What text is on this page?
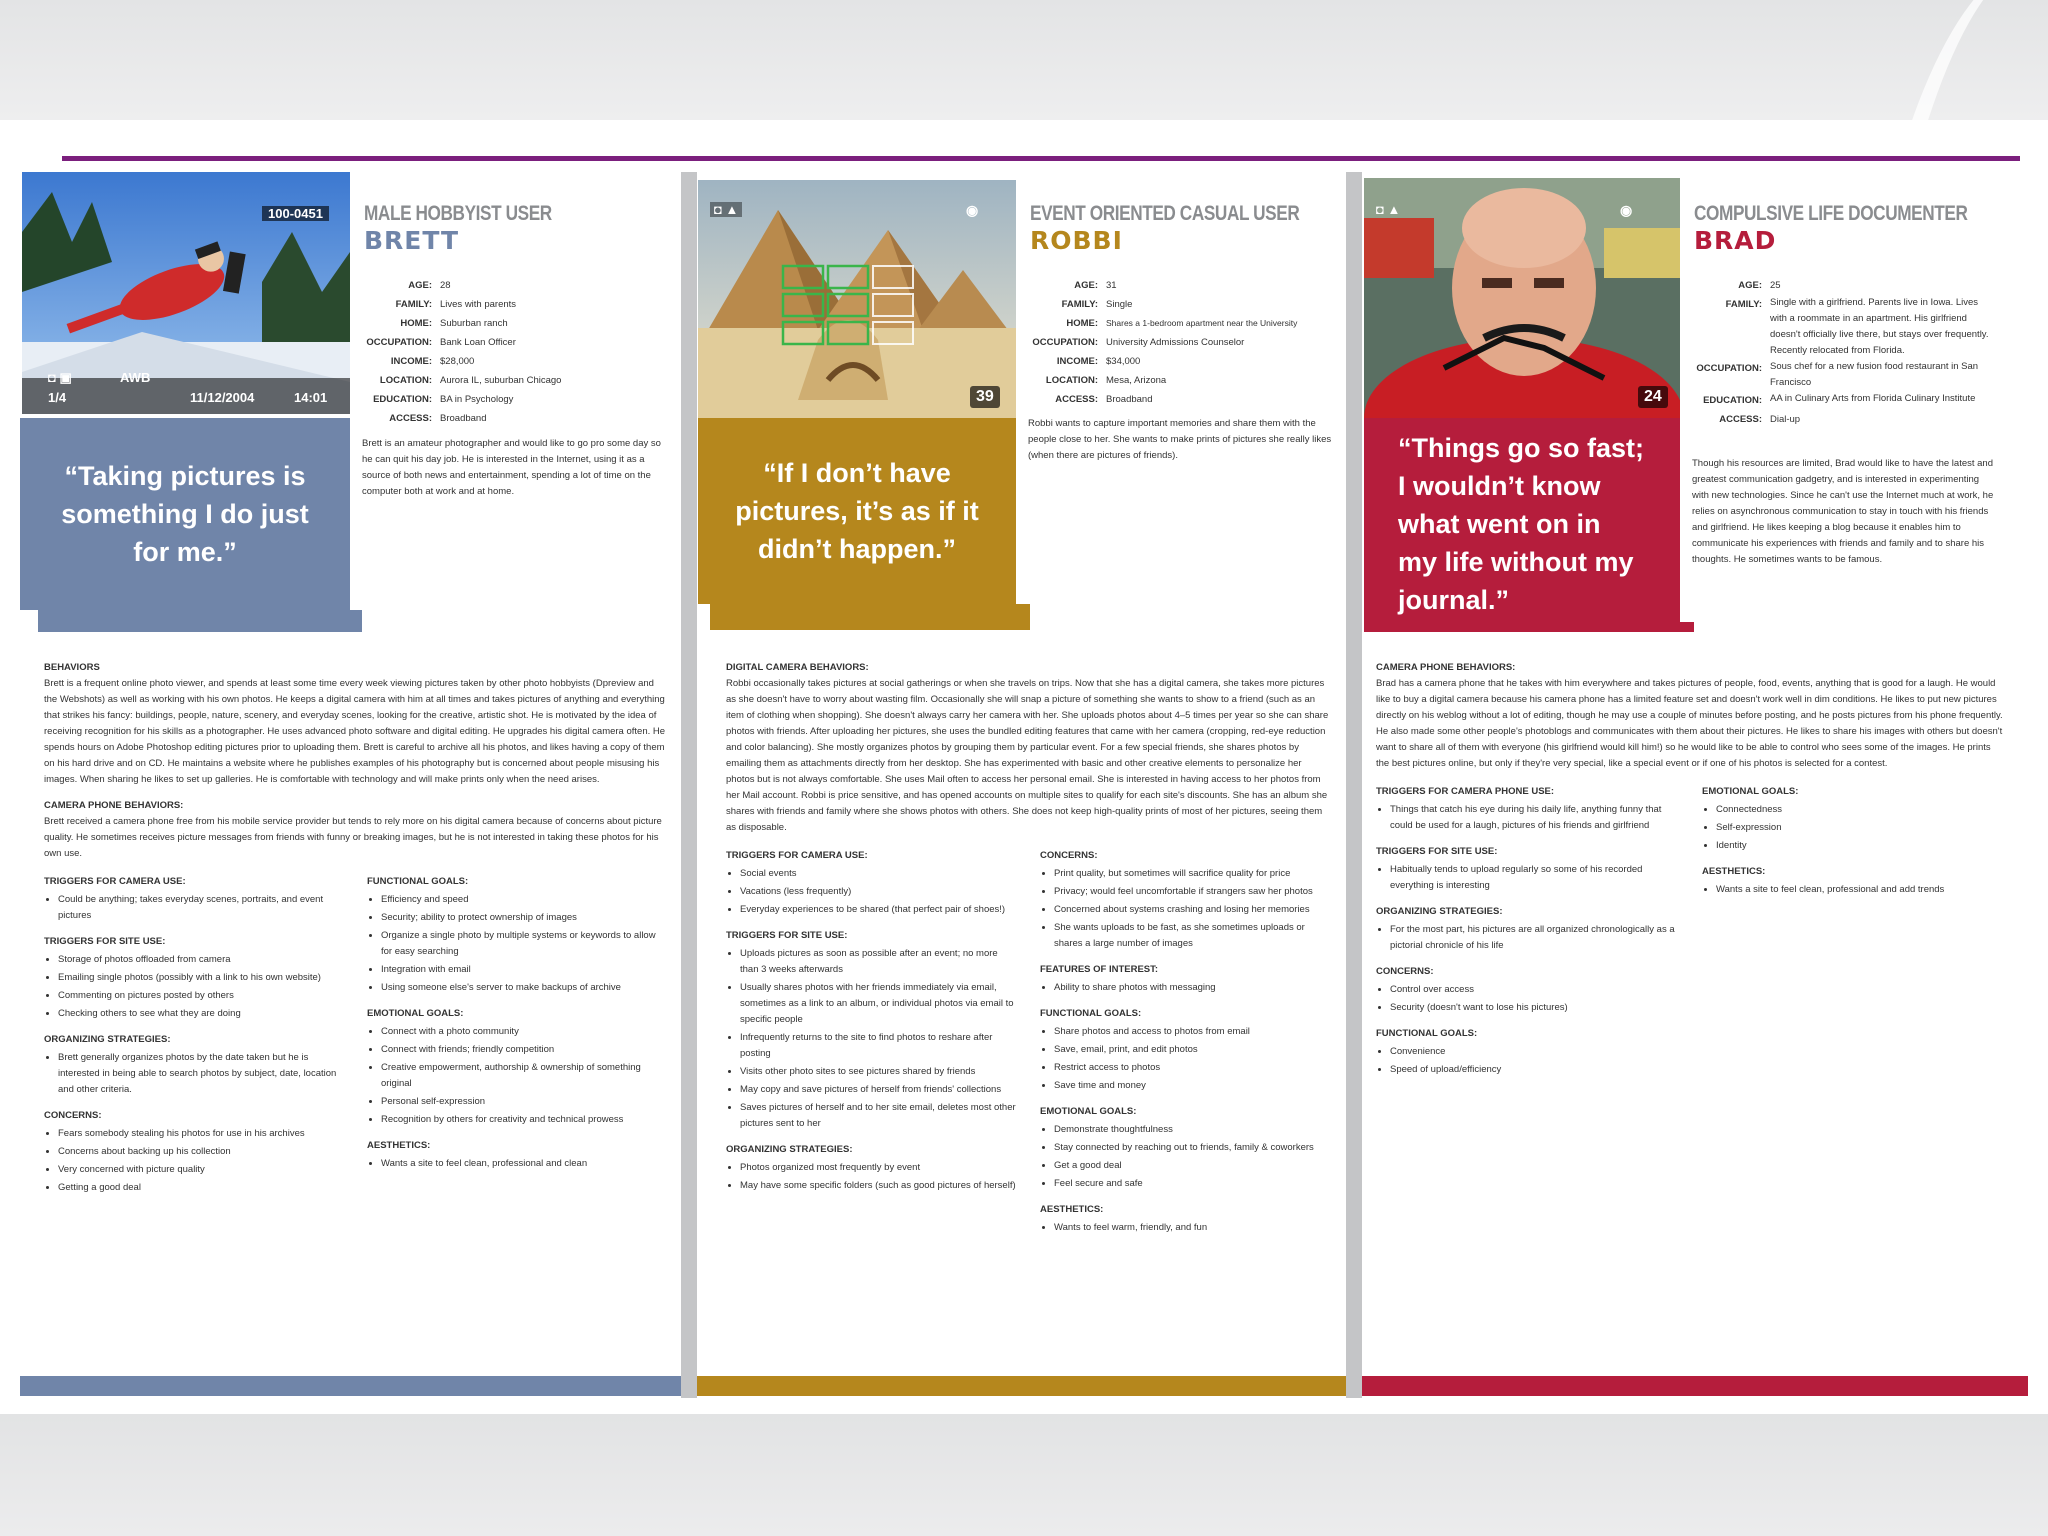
100-0451
◘ ▣	AWB
1/4	11/12/2004	14:01
“Taking pictures is something I do just for me.”
MALE HOBBYIST USER
BRETT
AGE: 28
FAMILY: Lives with parents
HOME: Suburban ranch
OCCUPATION: Bank Loan Officer
INCOME: $28,000
LOCATION: Aurora IL, suburban Chicago
EDUCATION: BA in Psychology
ACCESS: Broadband
Brett is an amateur photographer and would like to go pro some day so he can quit his day job. He is interested in the Internet, using it as a source of both news and entertainment, spending a lot of time on the computer both at work and at home.
BEHAVIORS
Brett is a frequent online photo viewer, and spends at least some time every week viewing pictures taken by other photo hobbyists (Dpreview and the Webshots) as well as working with his own photos. He keeps a digital camera with him at all times and takes pictures of anything and everything that strikes his fancy: buildings, people, nature, scenery, and everyday scenes, looking for the creative, artistic shot. He is motivated by the idea of receiving recognition for his skills as a photographer. He uses advanced photo software and digital editing. He upgrades his digital camera often. He spends hours on Adobe Photoshop editing pictures prior to uploading them. Brett is careful to archive all his photos, and likes having a copy of them on his hard drive and on CD. He maintains a website where he publishes examples of his photography but is concerned about people misusing his images. When sharing he likes to set up galleries. He is comfortable with technology and will make prints only when the need arises.
CAMERA PHONE BEHAVIORS:
Brett received a camera phone free from his mobile service provider but tends to rely more on his digital camera because of concerns about picture quality. He sometimes receives picture messages from friends with funny or breaking images, but he is not interested in taking these photos for his own use.
TRIGGERS FOR CAMERA USE:
• Could be anything; takes everyday scenes, portraits, and event pictures
TRIGGERS FOR SITE USE:
• Storage of photos offloaded from camera
• Emailing single photos (possibly with a link to his own website)
• Commenting on pictures posted by others
• Checking others to see what they are doing
ORGANIZING STRATEGIES:
• Brett generally organizes photos by the date taken but he is interested in being able to search photos by subject, date, location and other criteria.
CONCERNS:
• Fears somebody stealing his photos for use in his archives
• Concerns about backing up his collection
• Very concerned with picture quality
• Getting a good deal
FUNCTIONAL GOALS:
• Efficiency and speed
• Security; ability to protect ownership of images
• Organize a single photo by multiple systems or keywords to allow for easy searching
• Integration with email
• Using someone else's server to make backups of archive
EMOTIONAL GOALS:
• Connect with a photo community
• Connect with friends; friendly competition
• Creative empowerment, authorship & ownership of something original
• Personal self-expression
• Recognition by others for creativity and technical prowess
AESTHETICS:
• Wants a site to feel clean, professional and clean
◘ ▲	◉
39
“If I don’t have pictures, it’s as if it didn’t happen.”
EVENT ORIENTED CASUAL USER
ROBBI
AGE: 31
FAMILY: Single
HOME: Shares a 1-bedroom apartment near the University
OCCUPATION: University Admissions Counselor
INCOME: $34,000
LOCATION: Mesa, Arizona
ACCESS: Broadband
Robbi wants to capture important memories and share them with the people close to her. She wants to make prints of pictures she really likes (when there are pictures of friends).
DIGITAL CAMERA BEHAVIORS:
Robbi occasionally takes pictures at social gatherings or when she travels on trips. Now that she has a digital camera, she takes more pictures as she doesn't have to worry about wasting film. Occasionally she will snap a picture of something she wants to show to a friend (such as an item of clothing when shopping). She doesn't always carry her camera with her. She uploads photos about 4–5 times per year so she can share photos with friends. After uploading her pictures, she uses the bundled editing features that came with her camera (cropping, red-eye reduction and color balancing). She mostly organizes photos by grouping them by particular event. For a few special friends, she shares photos by emailing them as attachments directly from her desktop. She has experimented with basic and other creative elements to personalize her photos but is not always comfortable. She uses Mail often to access her personal email. She is interested in having access to her photos from her Mail account. Robbi is price sensitive, and has opened accounts on multiple sites to qualify for each site's discounts. She has an album she shares with friends and family where she shows photos with others. She does not keep high-quality prints of most of her pictures, seeing them as disposable.
TRIGGERS FOR CAMERA USE:
• Social events
• Vacations (less frequently)
• Everyday experiences to be shared (that perfect pair of shoes!)
TRIGGERS FOR SITE USE:
• Uploads pictures as soon as possible after an event; no more than 3 weeks afterwards
• Usually shares photos with her friends immediately via email, sometimes as a link to an album, or individual photos via email to specific people
• Infrequently returns to the site to find photos to reshare after posting
• Visits other photo sites to see pictures shared by friends
• May copy and save pictures of herself from friends' collections
• Saves pictures of herself and to her site email, deletes most other pictures sent to her
ORGANIZING STRATEGIES:
• Photos organized most frequently by event
• May have some specific folders (such as good pictures of herself)
CONCERNS:
• Print quality, but sometimes will sacrifice quality for price
• Privacy; would feel uncomfortable if strangers saw her photos
• Concerned about systems crashing and losing her memories
• She wants uploads to be fast, as she sometimes uploads or shares a large number of images
FEATURES OF INTEREST:
• Ability to share photos with messaging
FUNCTIONAL GOALS:
• Share photos and access to photos from email
• Save, email, print, and edit photos
• Restrict access to photos
• Save time and money
EMOTIONAL GOALS:
• Demonstrate thoughtfulness
• Stay connected by reaching out to friends, family & coworkers
• Get a good deal
• Feel secure and safe
AESTHETICS:
• Wants to feel warm, friendly, and fun
◘ ▲	◉
24
“Things go so fast; I wouldn’t know what went on in my life without my journal.”
COMPULSIVE LIFE DOCUMENTER
BRAD
AGE: 25
FAMILY: Single with a girlfriend. Parents live in Iowa. Lives with a roommate in an apartment. His girlfriend doesn't officially live there, but stays over frequently. Recently relocated from Florida.
OCCUPATION: Sous chef for a new fusion food restaurant in San Francisco
EDUCATION: AA in Culinary Arts from Florida Culinary Institute
ACCESS: Dial-up
Though his resources are limited, Brad would like to have the latest and greatest communication gadgetry, and is interested in experimenting with new technologies. Since he can't use the Internet much at work, he relies on asynchronous communication to stay in touch with his friends and girlfriend. He likes keeping a blog because it enables him to communicate his experiences with friends and family and to share his thoughts. He sometimes wants to be famous.
CAMERA PHONE BEHAVIORS:
Brad has a camera phone that he takes with him everywhere and takes pictures of people, food, events, anything that is good for a laugh. He would like to buy a digital camera because his camera phone has a limited feature set and doesn't work well in dim conditions. He likes to put new pictures directly on his weblog without a lot of editing, though he may use a couple of minutes before posting, and he posts pictures from his phone frequently. He also made some other people's photoblogs and communicates with them about their pictures. He likes to share his images with others but doesn't want to share all of them with everyone (his girlfriend would kill him!) so he would like to be able to control who sees some of the images. He prints the best pictures online, but only if they're very special, like a special event or if one of his photos is selected for a contest.
TRIGGERS FOR CAMERA PHONE USE:
• Things that catch his eye during his daily life, anything funny that could be used for a laugh, pictures of his friends and girlfriend
TRIGGERS FOR SITE USE:
• Habitually tends to upload regularly so some of his recorded everything is interesting
ORGANIZING STRATEGIES:
• For the most part, his pictures are all organized chronologically as a pictorial chronicle of his life
CONCERNS:
• Control over access
• Security (doesn't want to lose his pictures)
FUNCTIONAL GOALS:
• Convenience
• Speed of upload/efficiency
EMOTIONAL GOALS:
• Connectedness
• Self-expression
• Identity
AESTHETICS:
• Wants a site to feel clean, professional and add trends
